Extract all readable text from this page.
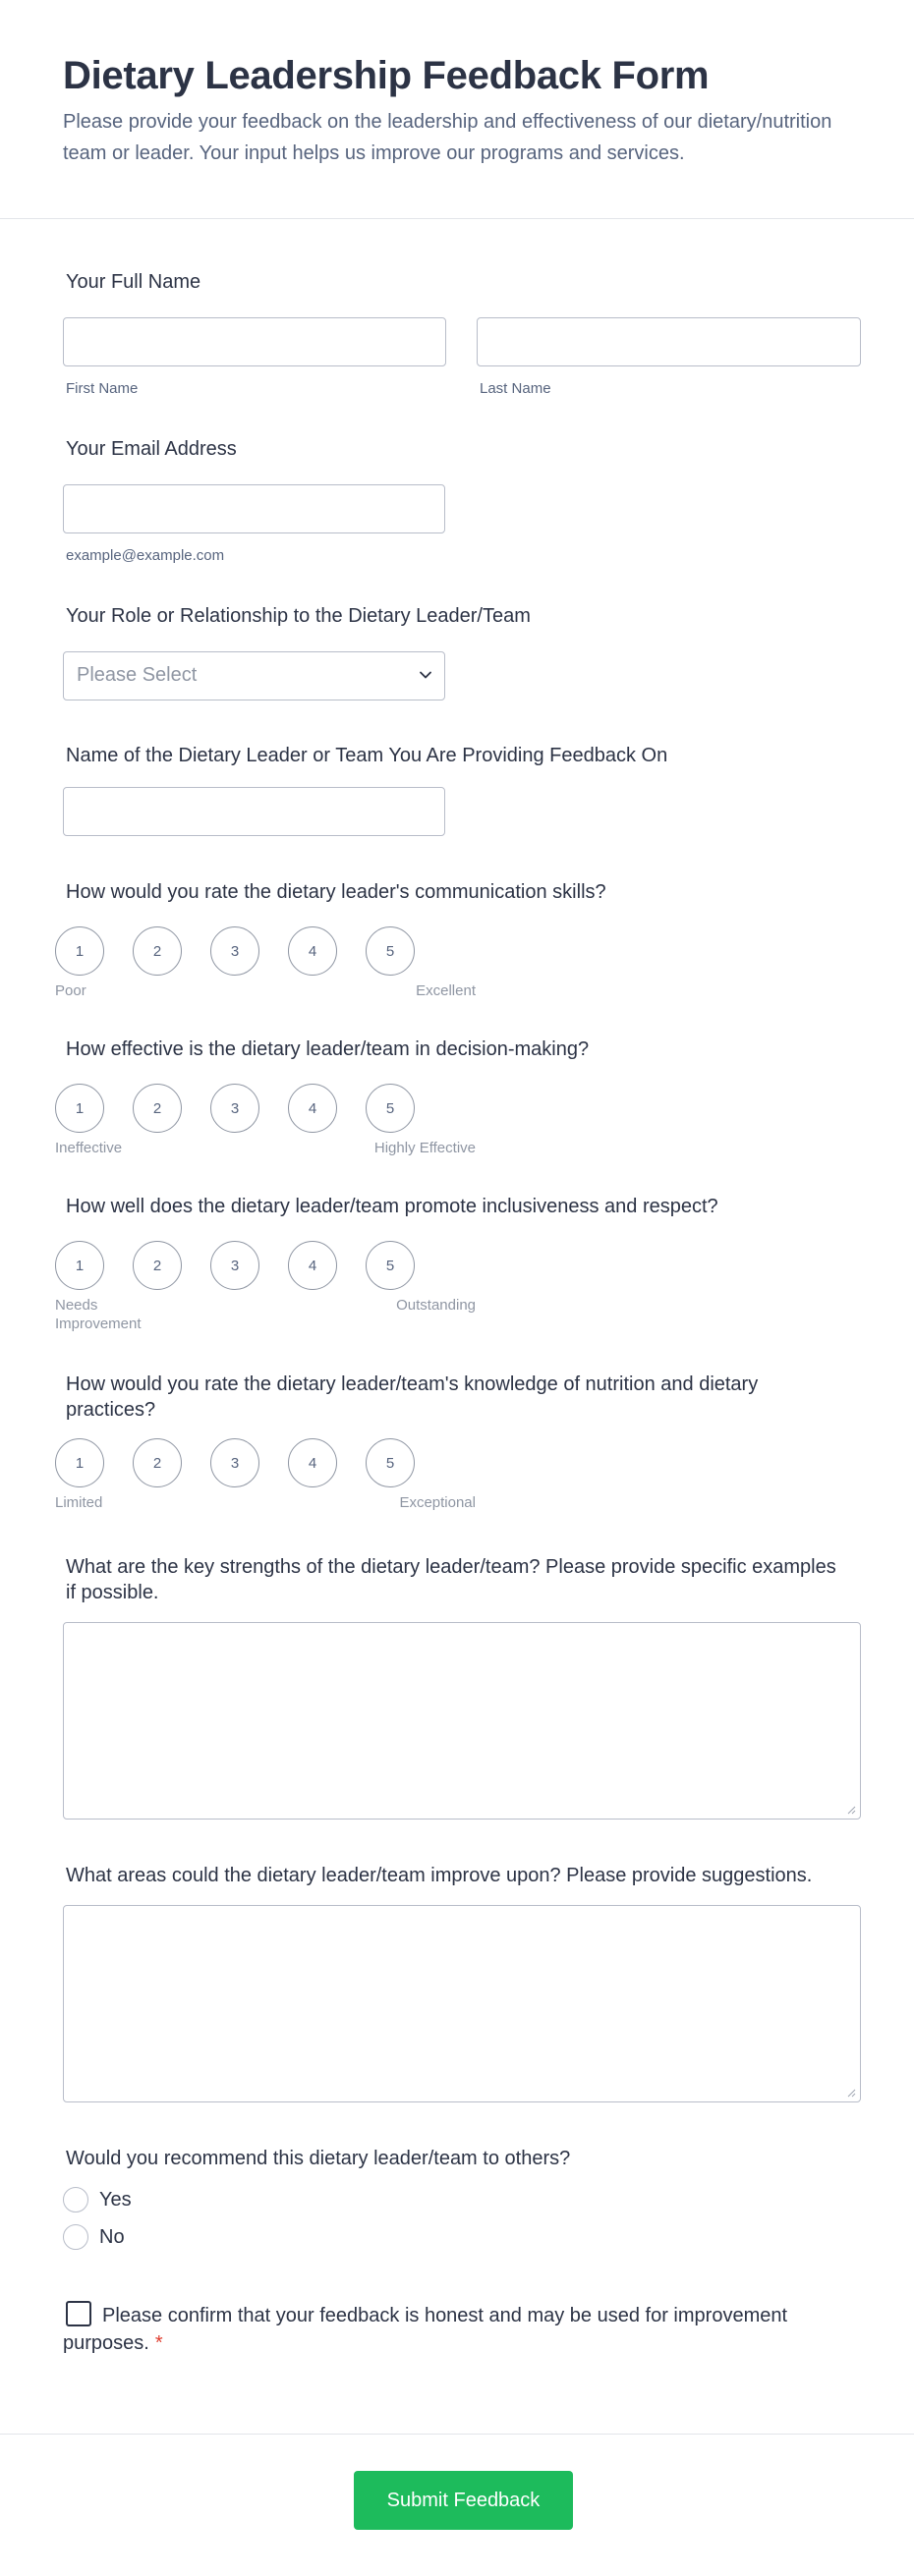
Dietary Leadership Feedback Form

Please provide your feedback on the leadership and effectiveness of our dietary/nutrition team or leader. Your input helps us improve our programs and services.

Your Full Name
First Name	Last Name
Your Email Address
example@example.com
Your Role or Relationship to the Dietary Leader/Team
Please Select
Name of the Dietary Leader or Team You Are Providing Feedback On
How would you rate the dietary leader's communication skills?
1	2	3	4	5
Poor	Excellent
How effective is the dietary leader/team in decision-making?
1	2	3	4	5
Ineffective	Highly Effective
How well does the dietary leader/team promote inclusiveness and respect?
1	2	3	4	5
Needs Improvement
Outstanding
How would you rate the dietary leader/team's knowledge of nutrition and dietary practices?
1	2	3	4	5
Limited	Exceptional
What are the key strengths of the dietary leader/team? Please provide specific examples if possible.
What areas could the dietary leader/team improve upon? Please provide suggestions.
Would you recommend this dietary leader/team to others?
Yes
No
Please confirm that your feedback is honest and may be used for improvement purposes. *
Submit Feedback
